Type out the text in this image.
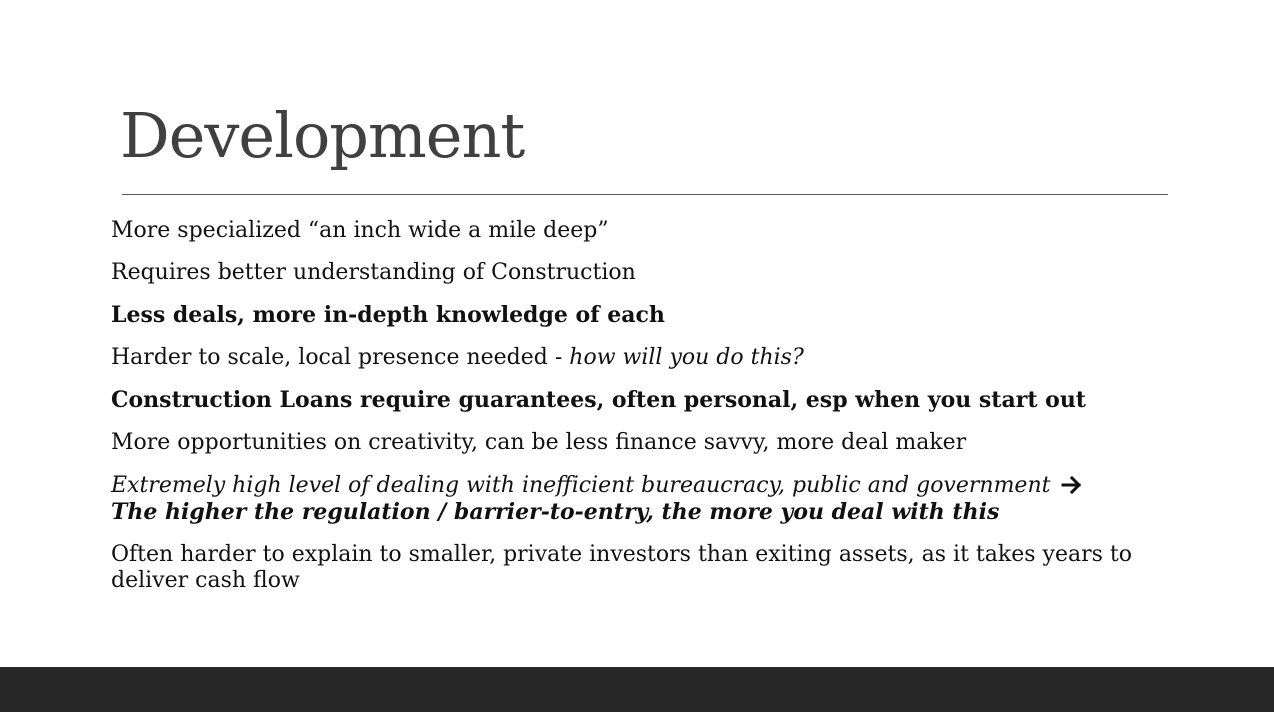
Development
More specialized “an inch wide a mile deep”
Requires better understanding of Construction
Less deals, more in-depth knowledge of each
Harder to scale, local presence needed - how will you do this?
Construction Loans require guarantees, often personal, esp when you start out
More opportunities on creativity, can be less finance savvy, more deal maker
Extremely high level of dealing with inefficient bureaucracy, public and government
The higher the regulation / barrier-to-entry, the more you deal with this
Often harder to explain to smaller, private investors than exiting assets, as it takes years to deliver cash flow
